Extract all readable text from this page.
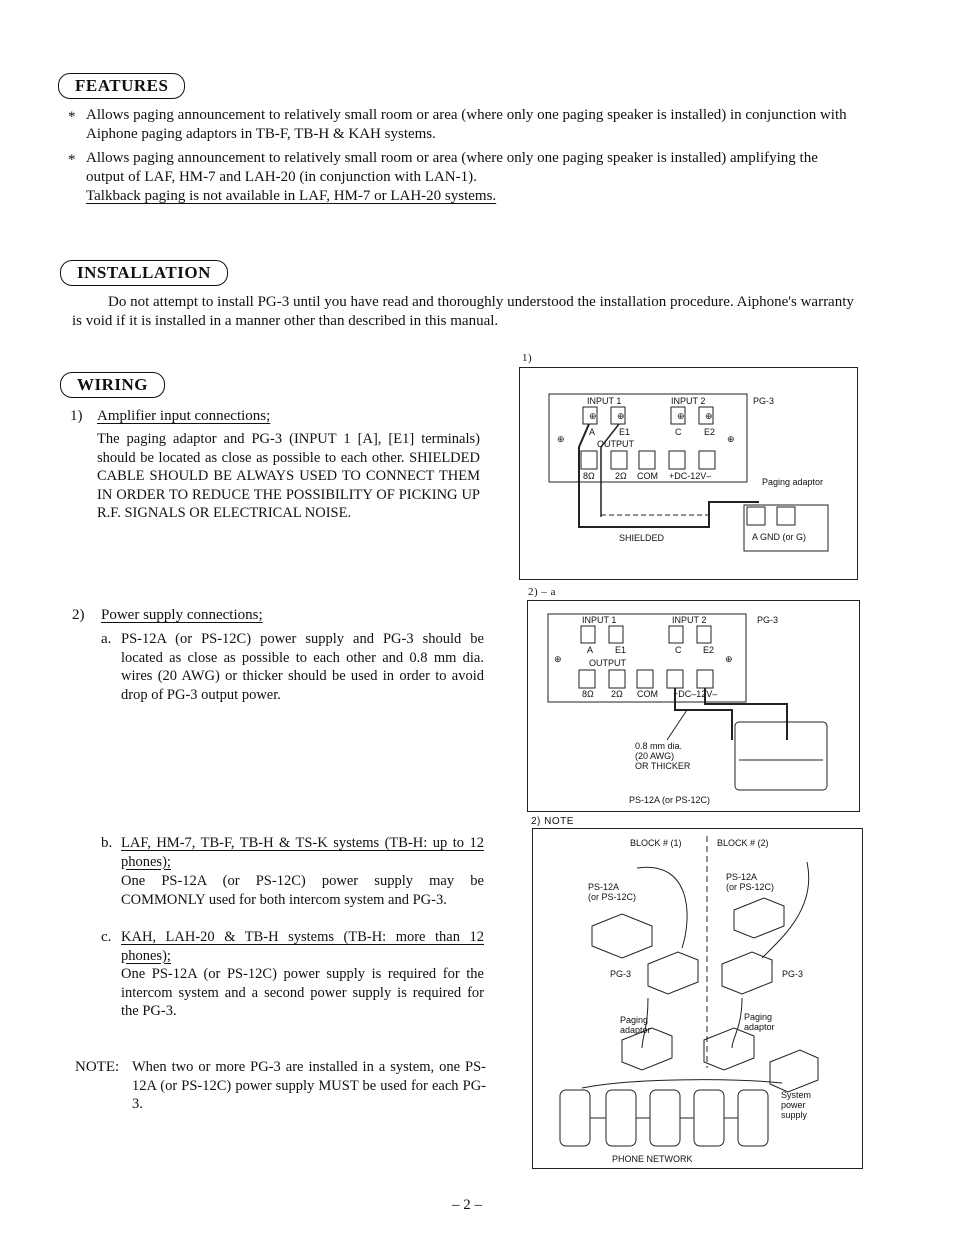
FEATURES
* Allows paging announcement to relatively small room or area (where only one paging speaker is installed) in conjunction with Aiphone paging adaptors in TB-F, TB-H & KAH systems.
* Allows paging announcement to relatively small room or area (where only one paging speaker is installed) amplifying the output of LAF, HM-7 and LAH-20 (in conjunction with LAN-1).
Talkback paging is not available in LAF, HM-7 or LAH-20 systems.
INSTALLATION
Do not attempt to install PG-3 until you have read and thoroughly understood the installation procedure. Aiphone's warranty is void if it is installed in a manner other than described in this manual.
WIRING
1) Amplifier input connections;
The paging adaptor and PG-3 (INPUT 1 [A], [E1] terminals) should be located as close as possible to each other. SHIELDED CABLE SHOULD BE ALWAYS USED TO CONNECT THEM IN ORDER TO REDUCE THE POSSIBILITY OF PICKING UP R.F. SIGNALS OR ELECTRICAL NOISE.
2) Power supply connections;
a. PS-12A (or PS-12C) power supply and PG-3 should be located as close as possible to each other and 0.8 mm dia. wires (20 AWG) or thicker should be used in order to avoid drop of PG-3 output power.
b. LAF, HM-7, TB-F, TB-H & TS-K systems (TB-H: up to 12 phones);
One PS-12A (or PS-12C) power supply may be COMMONLY used for both intercom system and PG-3.
c. KAH, LAH-20 & TB-H systems (TB-H: more than 12 phones);
One PS-12A (or PS-12C) power supply is required for the intercom system and a second power supply is required for the PG-3.
NOTE: When two or more PG-3 are installed in a system, one PS-12A (or PS-12C) power supply MUST be used for each PG-3.
1)
INPUT 1	INPUT 2	PG-3
⊕ ⊕	⊕ ⊕
⊕	⊕
A	E1	C	E2
OUTPUT
8Ω 2Ω COM +DC-12V–
Paging adaptor
SHIELDED	A GND (or G)
2) – a
INPUT 1	INPUT 2	PG-3
⊕	⊕
A E1	C E2
OUTPUT
8Ω 2Ω COM +DC–12V–
0.8 mm dia.
(20 AWG)
OR THICKER
PS-12A (or PS-12C)
2) NOTE
BLOCK # (1)	BLOCK # (2)
PS-12A
(or PS-12C)
PS-12A
(or PS-12C)
PG-3	PG-3
Paging
adaptor
Paging
adaptor
System
power
supply
PHONE NETWORK
– 2 –
